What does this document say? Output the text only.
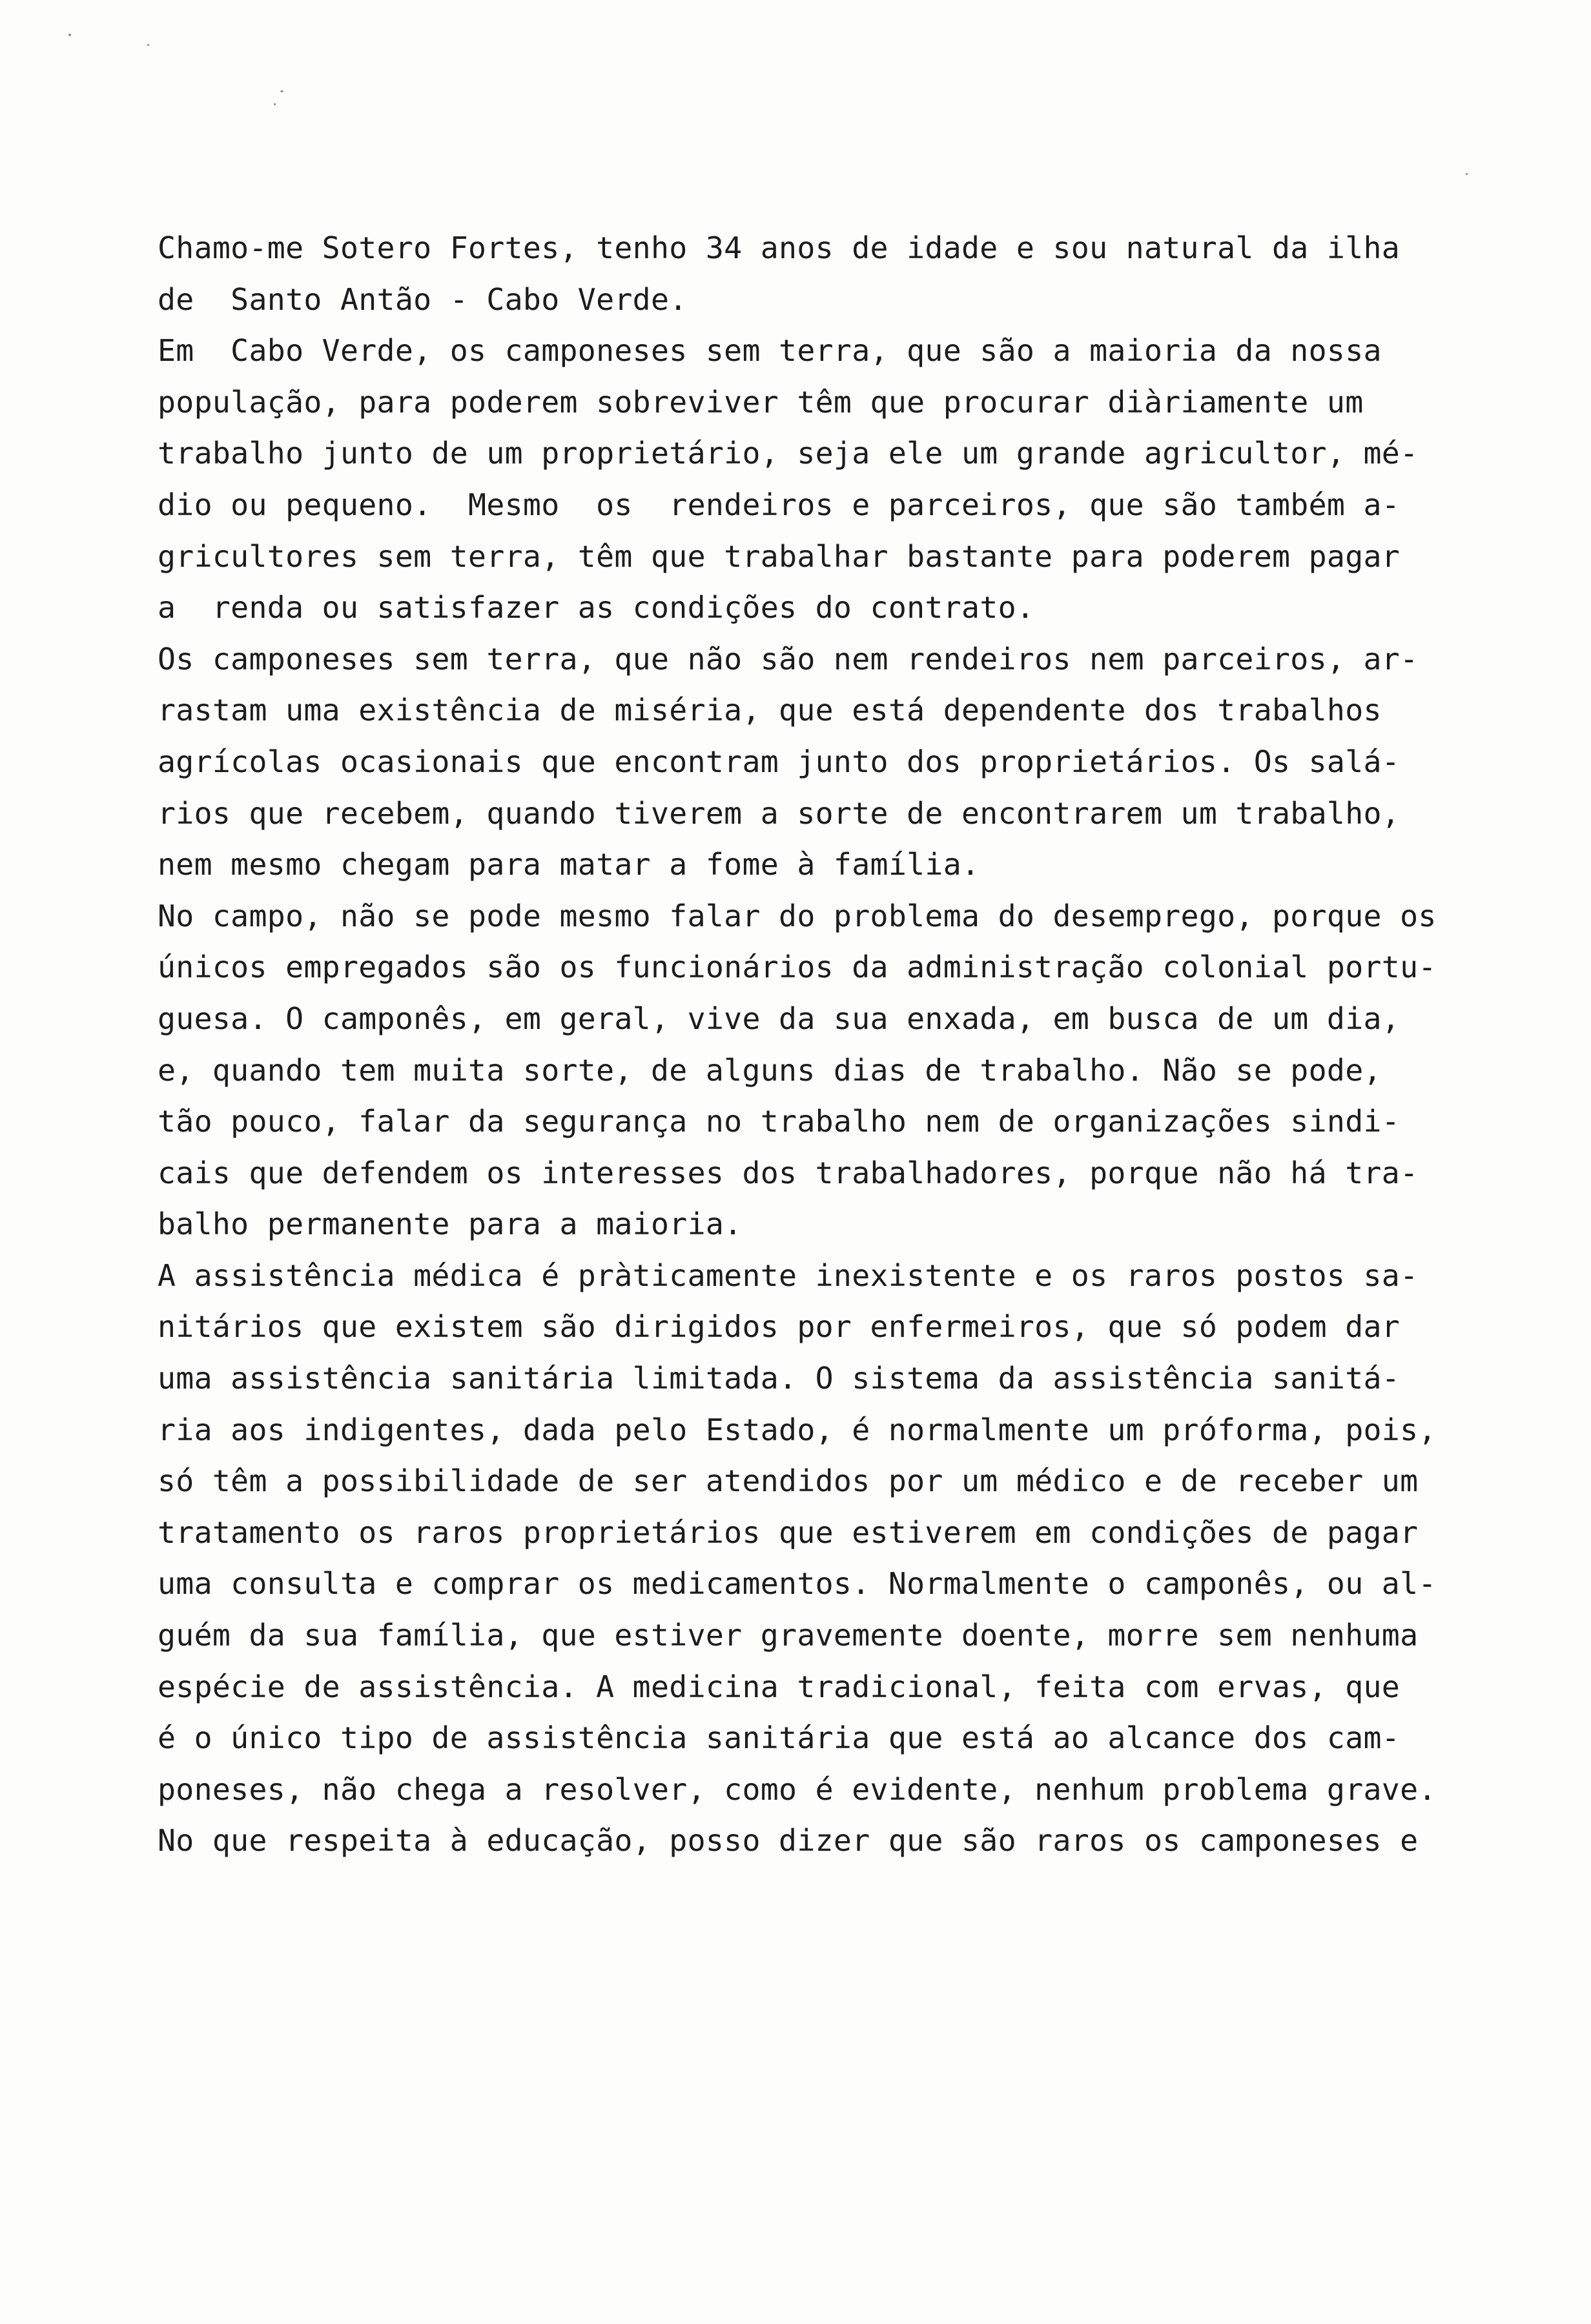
Chamo-me Sotero Fortes, tenho 34 anos de idade e sou natural da ilha
de  Santo Antão - Cabo Verde.
Em  Cabo Verde, os camponeses sem terra, que são a maioria da nossa
população, para poderem sobreviver têm que procurar diàriamente um
trabalho junto de um proprietário, seja ele um grande agricultor, mé-
dio ou pequeno.  Mesmo  os  rendeiros e parceiros, que são também a-
gricultores sem terra, têm que trabalhar bastante para poderem pagar
a  renda ou satisfazer as condições do contrato.
Os camponeses sem terra, que não são nem rendeiros nem parceiros, ar-
rastam uma existência de miséria, que está dependente dos trabalhos
agrícolas ocasionais que encontram junto dos proprietários. Os salá-
rios que recebem, quando tiverem a sorte de encontrarem um trabalho,
nem mesmo chegam para matar a fome à família.
No campo, não se pode mesmo falar do problema do desemprego, porque os
únicos empregados são os funcionários da administração colonial portu-
guesa. O camponês, em geral, vive da sua enxada, em busca de um dia,
e, quando tem muita sorte, de alguns dias de trabalho. Não se pode,
tão pouco, falar da segurança no trabalho nem de organizações sindi-
cais que defendem os interesses dos trabalhadores, porque não há tra-
balho permanente para a maioria.
A assistência médica é pràticamente inexistente e os raros postos sa-
nitários que existem são dirigidos por enfermeiros, que só podem dar
uma assistência sanitária limitada. O sistema da assistência sanitá-
ria aos indigentes, dada pelo Estado, é normalmente um próforma, pois,
só têm a possibilidade de ser atendidos por um médico e de receber um
tratamento os raros proprietários que estiverem em condições de pagar
uma consulta e comprar os medicamentos. Normalmente o camponês, ou al-
guém da sua família, que estiver gravemente doente, morre sem nenhuma
espécie de assistência. A medicina tradicional, feita com ervas, que
é o único tipo de assistência sanitária que está ao alcance dos cam-
poneses, não chega a resolver, como é evidente, nenhum problema grave.
No que respeita à educação, posso dizer que são raros os camponeses e
